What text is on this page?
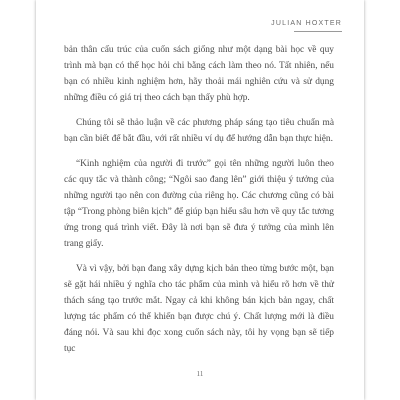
JULIAN HOXTER

bản thân cấu trúc của cuốn sách giống như một dạng bài học về quy trình mà bạn có thể học hỏi chi bằng cách làm theo nó. Tất nhiên, nếu bạn có nhiều kinh nghiệm hơn, hãy thoải mái nghiên cứu và sử dụng những điều có giá trị theo cách bạn thấy phù hợp.

Chúng tôi sẽ thảo luận về các phương pháp sáng tạo tiêu chuẩn mà bạn cần biết để bắt đầu, với rất nhiều ví dụ để hướng dẫn bạn thực hiện.

“Kinh nghiệm của người đi trước” gọi tên những người luôn theo các quy tắc và thành công; “Ngôi sao đang lên” giới thiệu ý tưởng của những người tạo nên con đường của riêng họ. Các chương cũng có bài tập “Trong phòng biên kịch” để giúp bạn hiểu sâu hơn về quy tắc tương ứng trong quá trình viết. Đây là nơi bạn sẽ đưa ý tưởng của mình lên trang giấy.

Và vì vậy, bởi bạn đang xây dựng kịch bản theo từng bước một, bạn sẽ gặt hái nhiều ý nghĩa cho tác phẩm của mình và hiểu rõ hơn về thử thách sáng tạo trước mắt. Ngay cả khi không bán kịch bản ngay, chất lượng tác phẩm có thể khiến bạn được chú ý. Chất lượng mới là điều đáng nói. Và sau khi đọc xong cuốn sách này, tôi hy vọng bạn sẽ tiếp tục

11
